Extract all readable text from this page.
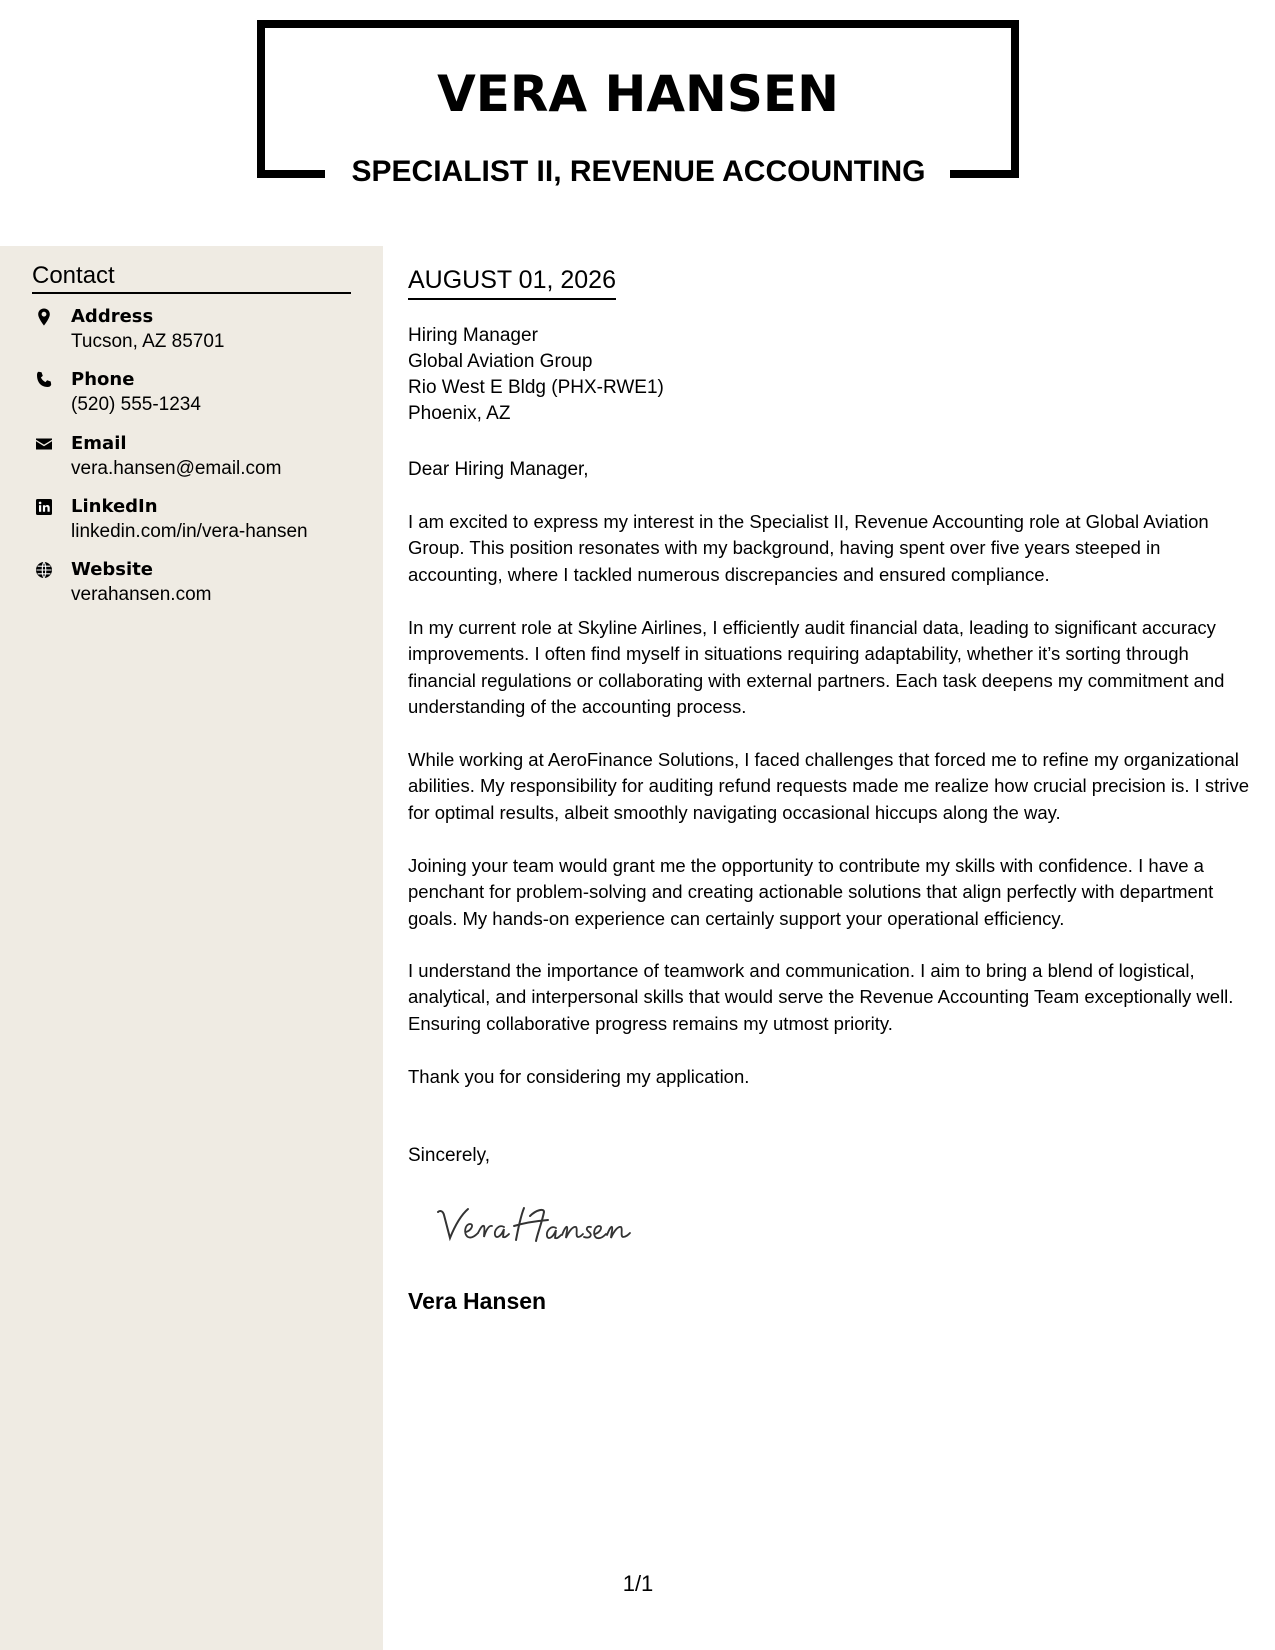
VERA HANSEN
SPECIALIST II, REVENUE ACCOUNTING
Contact
Address
Tucson, AZ 85701
Phone
(520) 555-1234
Email
vera.hansen@email.com
LinkedIn
linkedin.com/in/vera-hansen
Website
verahansen.com
AUGUST 01, 2026
Hiring Manager
Global Aviation Group
Rio West E Bldg (PHX-RWE1)
Phoenix, AZ
Dear Hiring Manager,

I am excited to express my interest in the Specialist II, Revenue Accounting role at Global Aviation Group. This position resonates with my background, having spent over five years steeped in accounting, where I tackled numerous discrepancies and ensured compliance.

In my current role at Skyline Airlines, I efficiently audit financial data, leading to significant accuracy improvements. I often find myself in situations requiring adaptability, whether it’s sorting through financial regulations or collaborating with external partners. Each task deepens my commitment and understanding of the accounting process.

While working at AeroFinance Solutions, I faced challenges that forced me to refine my organizational abilities. My responsibility for auditing refund requests made me realize how crucial precision is. I strive for optimal results, albeit smoothly navigating occasional hiccups along the way.

Joining your team would grant me the opportunity to contribute my skills with confidence. I have a penchant for problem-solving and creating actionable solutions that align perfectly with department goals. My hands-on experience can certainly support your operational efficiency.

I understand the importance of teamwork and communication. I aim to bring a blend of logistical, analytical, and interpersonal skills that would serve the Revenue Accounting Team exceptionally well. Ensuring collaborative progress remains my utmost priority.

Thank you for considering my application.

Sincerely,
Vera Hansen
1/1
